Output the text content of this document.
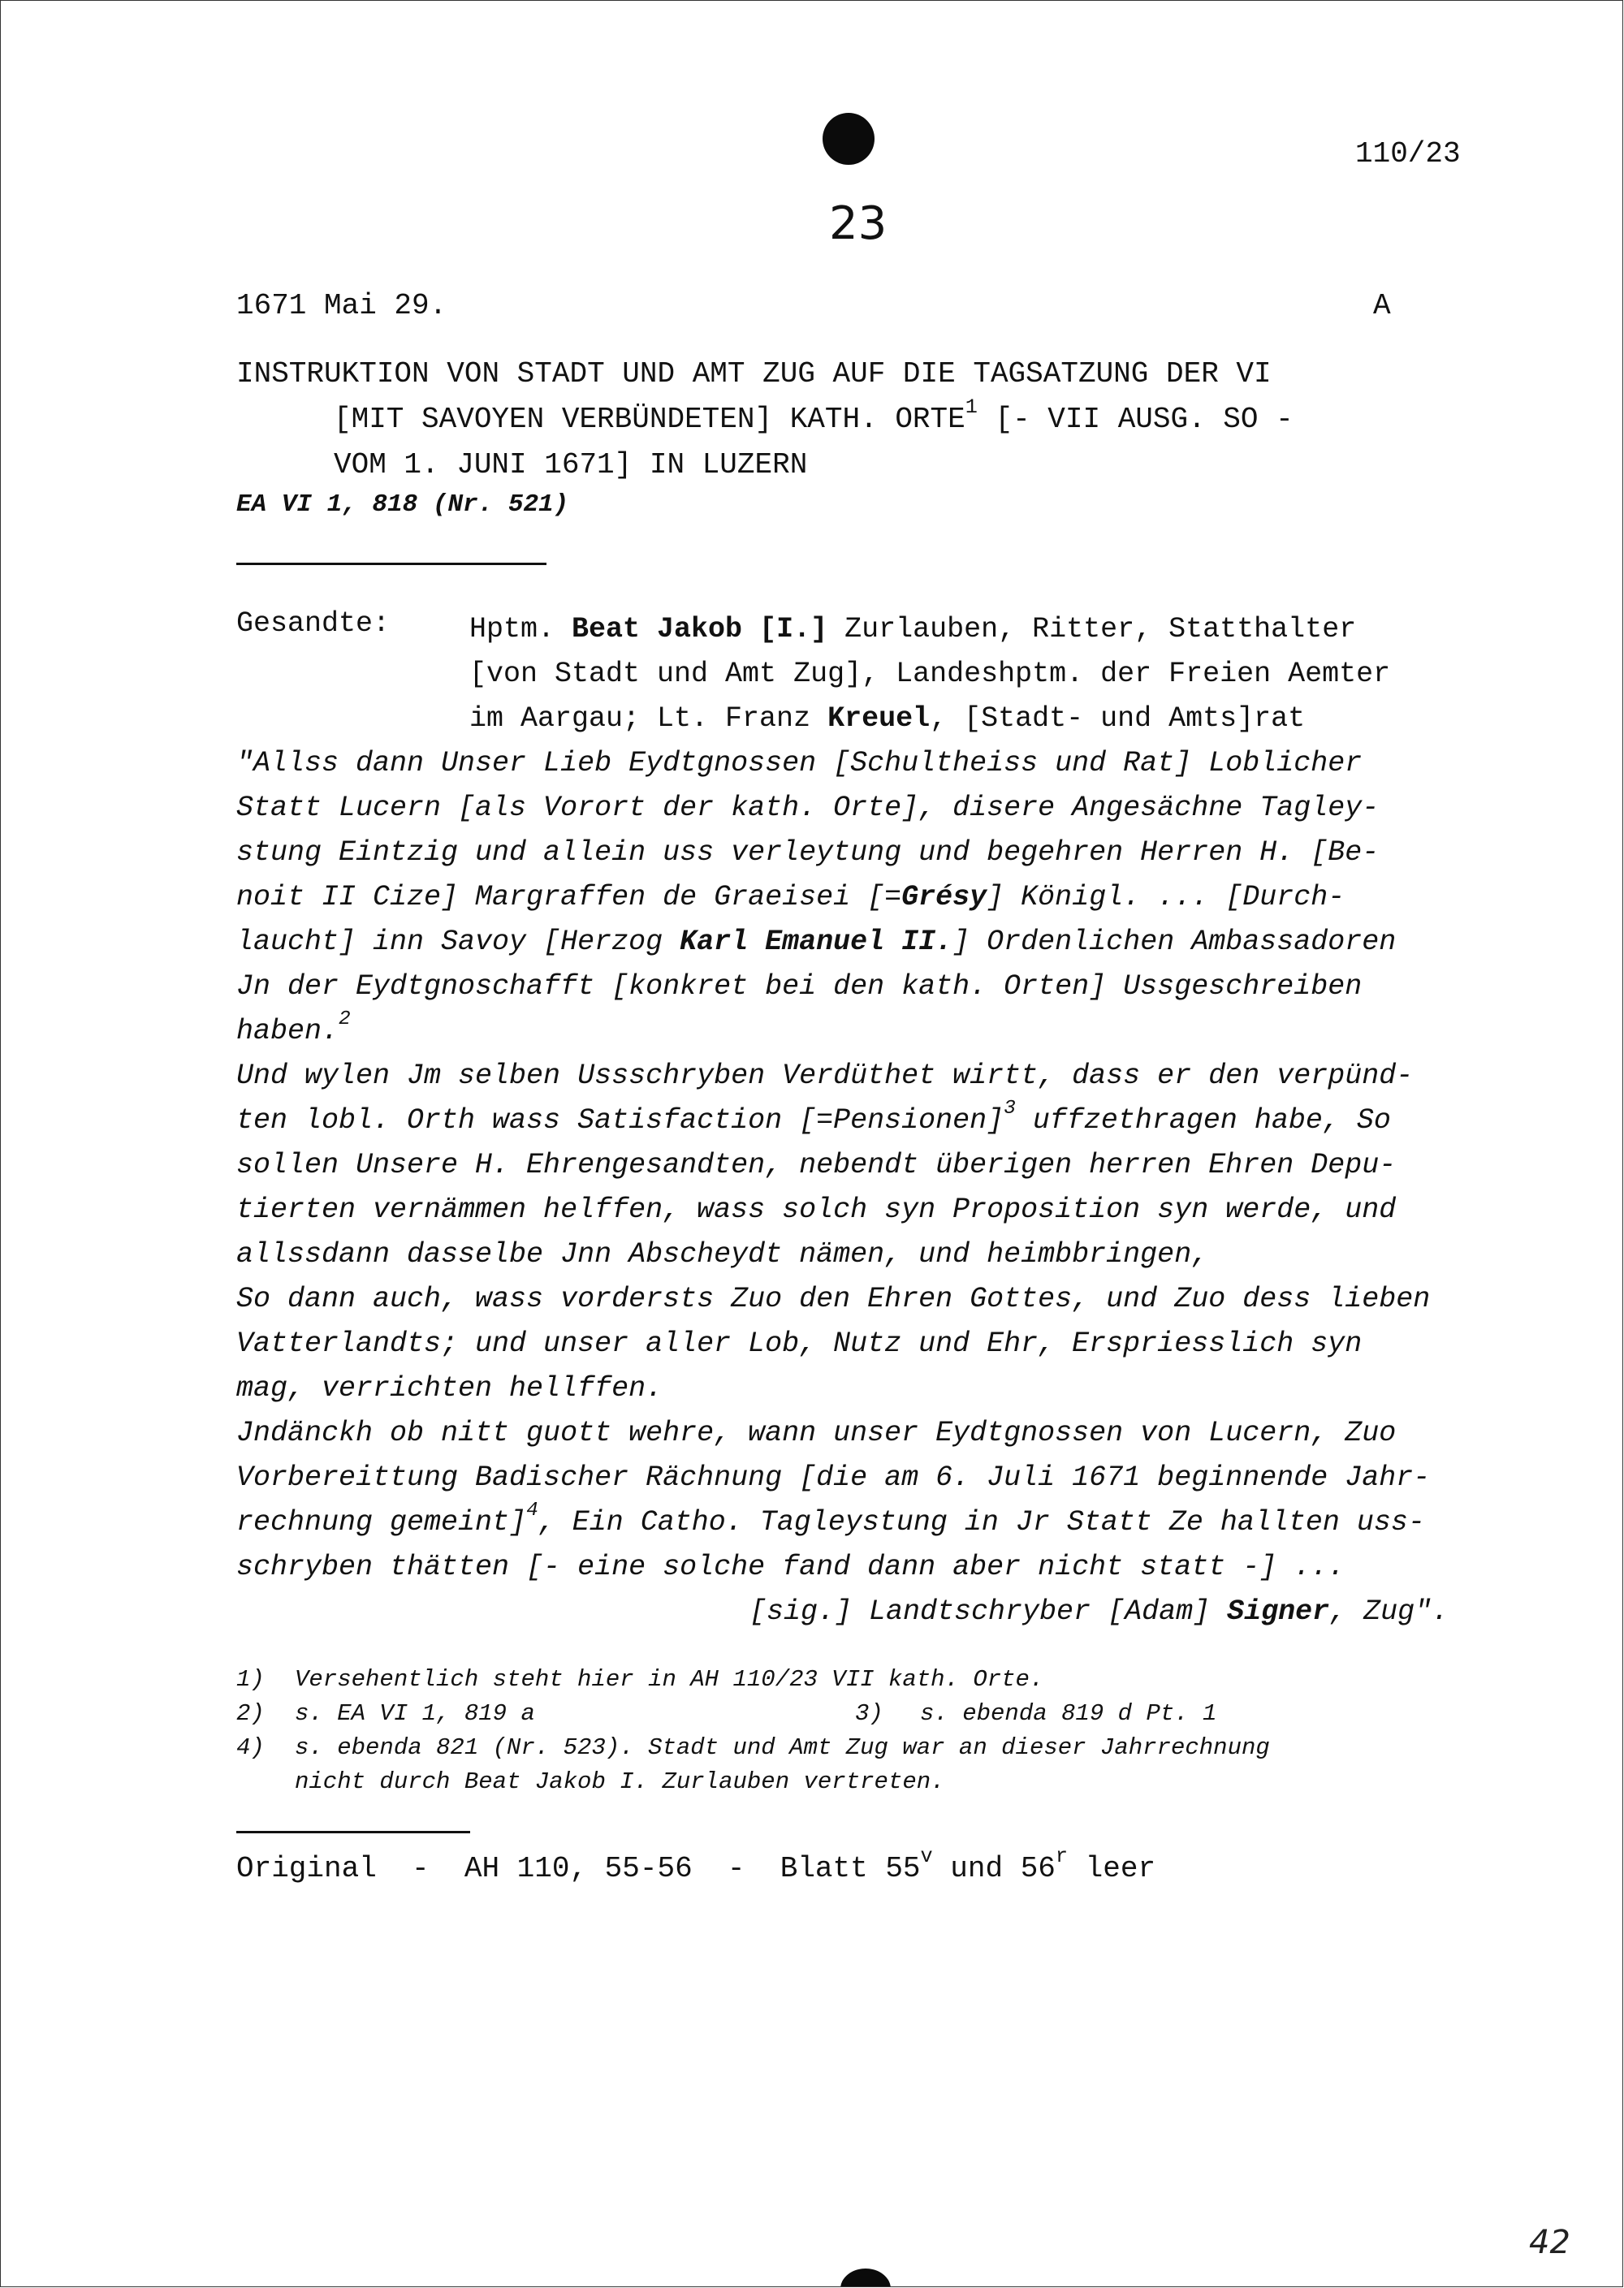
110/23
23
1671 Mai 29.	A
INSTRUKTION VON STADT UND AMT ZUG AUF DIE TAGSATZUNG DER VI
[MIT SAVOYEN VERBÜNDETEN] KATH. ORTE$^1$ [- VII AUSG. SO -
VOM 1. JUNI 1671] IN LUZERN
EA VI 1, 818 (Nr. 521)
Gesandte:	Hptm. Beat Jakob [I.] Zurlauben, Ritter, Statthalter
[von Stadt und Amt Zug], Landeshptm. der Freien Aemter
im Aargau; Lt. Franz Kreuel, [Stadt- und Amts]rat
"Allss dann Unser Lieb Eydtgnossen [Schultheiss und Rat] Loblicher
Statt Lucern [als Vorort der kath. Orte], disere Angesächne Tagley-
stung Eintzig und allein uss verleytung und begehren Herren H. [Be-
noit II Cize] Margraffen de Graeisei [=Grésy] Königl. ... [Durch-
laucht] inn Savoy [Herzog Karl Emanuel II.] Ordenlichen Ambassadoren
Jn der Eydtgnoschafft [konkret bei den kath. Orten] Ussgeschreiben
haben.$^2$
Und wylen Jm selben Ussschryben Verdüthet wirtt, dass er den verpünd-
ten lobl. Orth wass Satisfaction [=Pensionen]$^3$ uffzethragen habe, So
sollen Unsere H. Ehrengesandten, nebendt überigen herren Ehren Depu-
tierten vernämmen helffen, wass solch syn Proposition syn werde, und
allssdann dasselbe Jnn Abscheydt nämen, und heimbbringen,
So dann auch, wass vordersts Zuo den Ehren Gottes, und Zuo dess lieben
Vatterlandts; und unser aller Lob, Nutz und Ehr, Erspriesslich syn
mag, verrichten hellffen.
Jndänckh ob nitt guott wehre, wann unser Eydtgnossen von Lucern, Zuo
Vorbereittung Badischer Rächnung [die am 6. Juli 1671 beginnende Jahr-
rechnung gemeint]$^4$, Ein Catho. Tagleystung in Jr Statt Ze hallten uss-
schryben thätten [- eine solche fand dann aber nicht statt -] ...
[sig.] Landtschryber [Adam] Signer, Zug".
1) Versehentlich steht hier in AH 110/23 VII kath. Orte.
2) s. EA VI 1, 819 a	3) s. ebenda 819 d Pt. 1
4) s. ebenda 821 (Nr. 523). Stadt und Amt Zug war an dieser Jahrrechnung
nicht durch Beat Jakob I. Zurlauben vertreten.
Original  -  AH 110, 55-56  -  Blatt 55$^v$ und 56$^r$ leer
42
